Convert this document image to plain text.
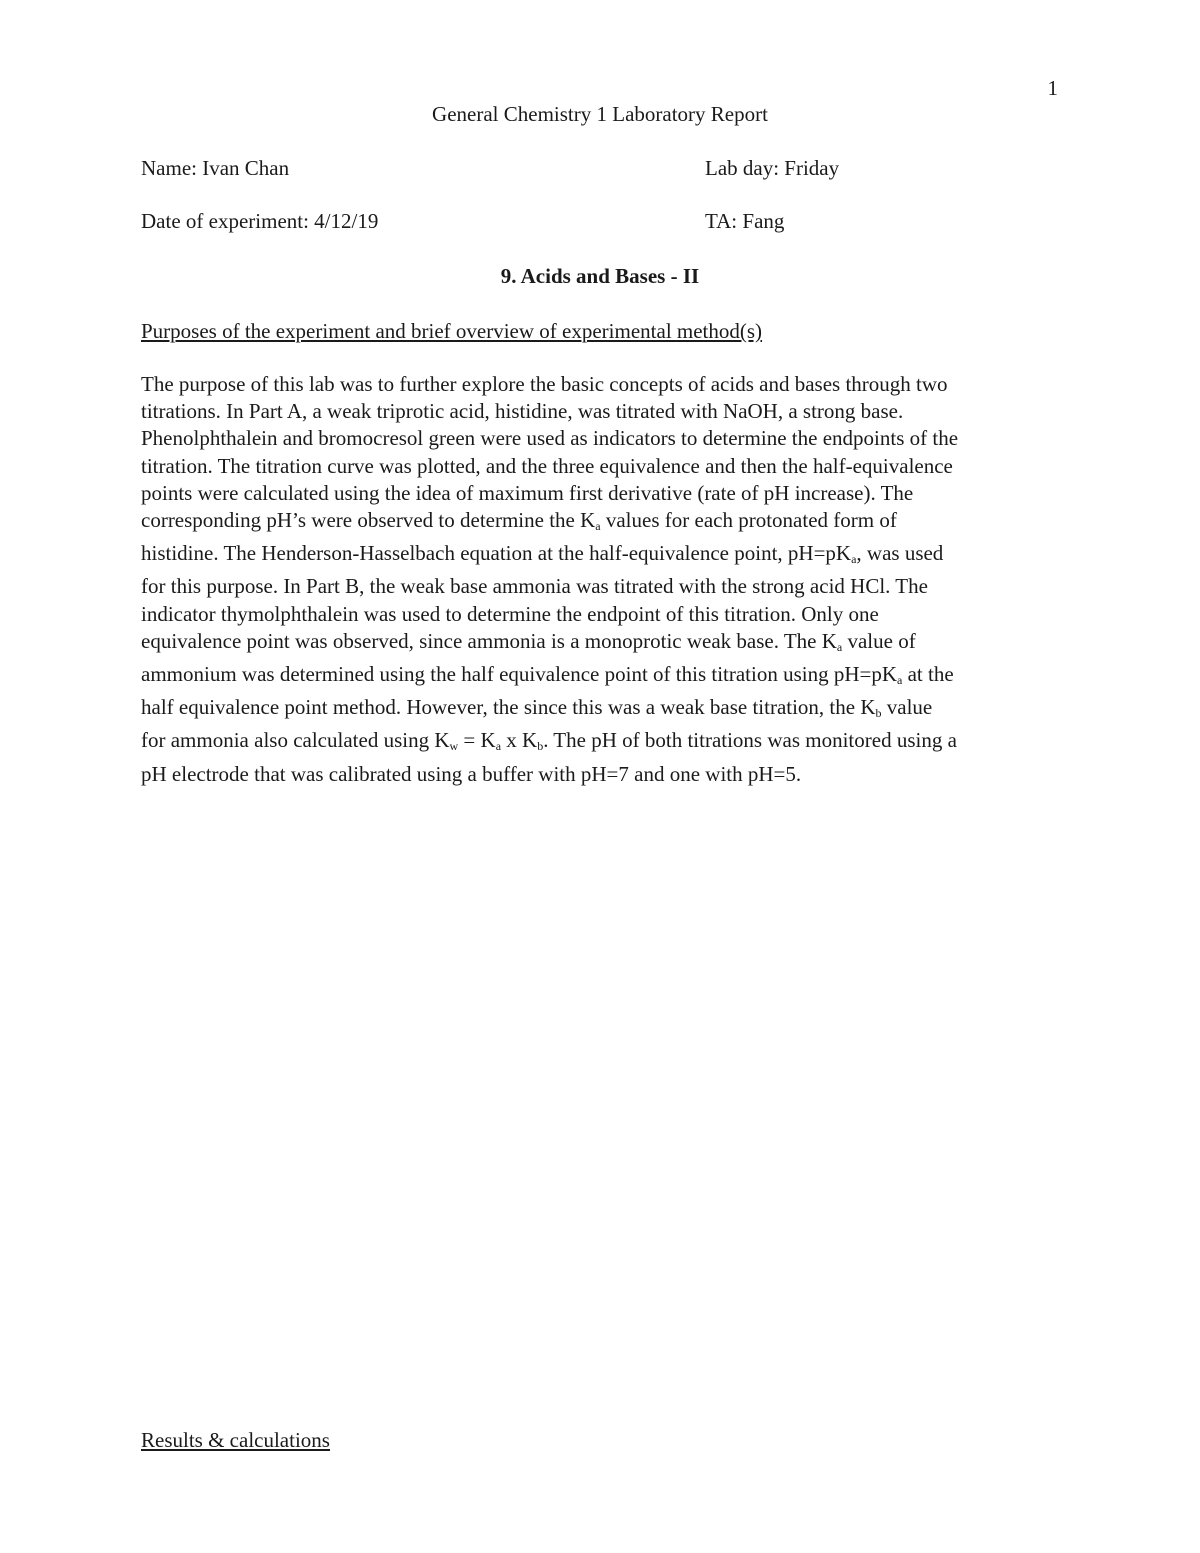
1
General Chemistry 1 Laboratory Report
Name: Ivan Chan	Lab day: Friday
Date of experiment: 4/12/19	TA: Fang
9. Acids and Bases - II
Purposes of the experiment and brief overview of experimental method(s)
The purpose of this lab was to further explore the basic concepts of acids and bases through two
titrations. In Part A, a weak triprotic acid, histidine, was titrated with NaOH, a strong base.
Phenolphthalein and bromocresol green were used as indicators to determine the endpoints of the
titration. The titration curve was plotted, and the three equivalence and then the half-equivalence
points were calculated using the idea of maximum first derivative (rate of pH increase). The
corresponding pH’s were observed to determine the $K_a$ values for each protonated form of
histidine. The Henderson-Hasselbach equation at the half-equivalence point, $pH=pK_a$, was used
for this purpose. In Part B, the weak base ammonia was titrated with the strong acid HCl. The
indicator thymolphthalein was used to determine the endpoint of this titration. Only one
equivalence point was observed, since ammonia is a monoprotic weak base. The $K_a$ value of
ammonium was determined using the half equivalence point of this titration using $pH=pK_a$ at the
half equivalence point method. However, the since this was a weak base titration, the $K_b$ value
for ammonia also calculated using $K_w = K_a$ x $K_b$. The pH of both titrations was monitored using a
pH electrode that was calibrated using a buffer with pH=7 and one with pH=5.
Results & calculations
